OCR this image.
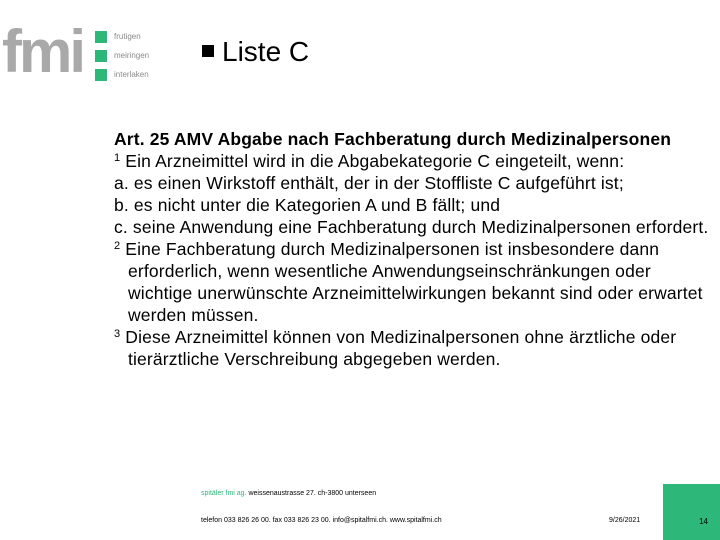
fmi	frutigen
meiringen
interlaken
Liste C

Art. 25 AMV Abgabe nach Fachberatung durch Medizinalpersonen

$^1$ Ein Arzneimittel wird in die Abgabekategorie C eingeteilt, wenn:

a. es einen Wirkstoff enthält, der in der Stoffliste C aufgeführt ist;

b. es nicht unter die Kategorien A und B fällt; und

c. seine Anwendung eine Fachberatung durch Medizinalpersonen erfordert.

$^2$ Eine Fachberatung durch Medizinalpersonen ist insbesondere dann erforderlich, wenn wesentliche Anwendungseinschränkungen oder wichtige unerwünschte Arzneimittelwirkungen bekannt sind oder erwartet werden müssen.

$^3$ Diese Arzneimittel können von Medizinalpersonen ohne ärztliche oder tierärztliche Verschreibung abgegeben werden.

spitäler fmi ag. weissenaustrasse 27. ch-3800 unterseen
telefon 033 826 26 00. fax 033 826 23 00. info@spitalfmi.ch. www.spitalfmi.ch	9/26/2021	14
